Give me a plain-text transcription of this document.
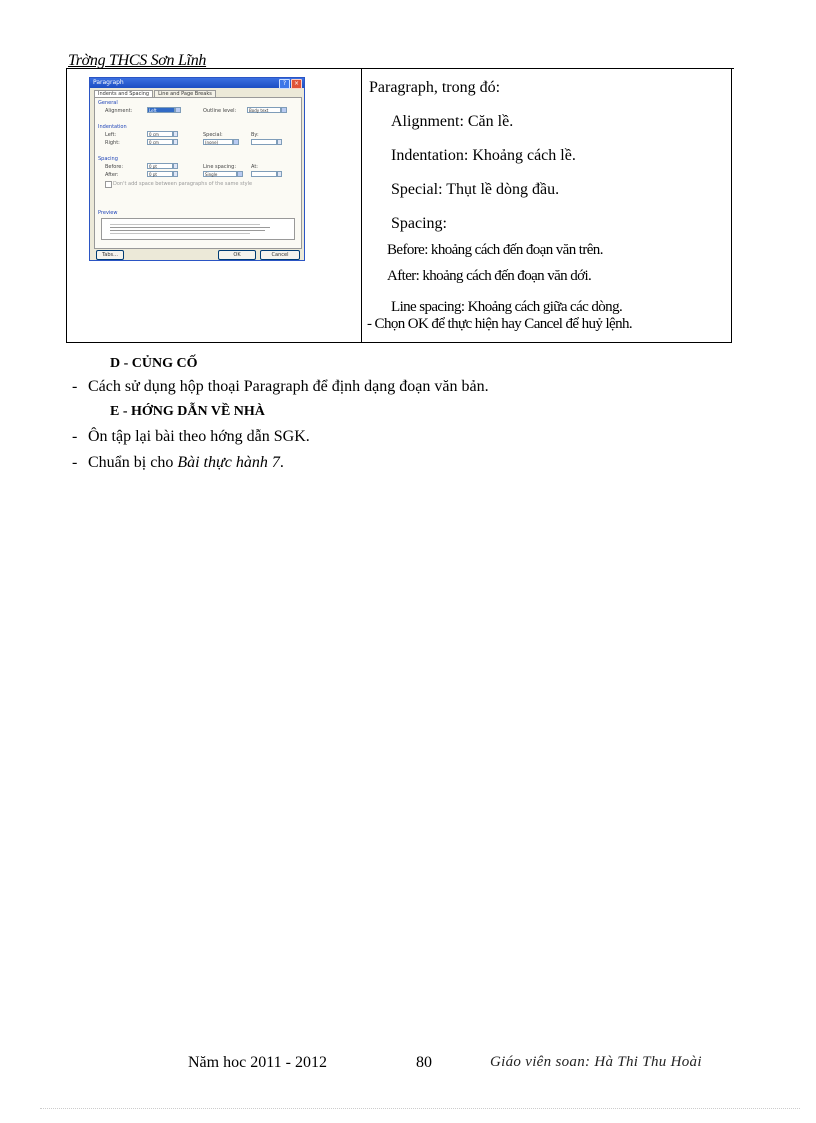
Trờng THCS Sơn Lĩnh
Paragraph	?	×
Indents and Spacing	Line and Page Breaks
General
Alignment:	Left	Outline level:	Body text
Indentation
Left:	0 cm
Right:	0 cm
Special:
(none)
By:
Spacing
Before:	0 pt
After:	0 pt
Line spacing:
Single
At:
Don't add space between paragraphs of the same style
Preview
Tabs...	OK	Cancel
Paragraph, trong đó:
Alignment: Căn lề.
Indentation: Khoảng cách lề.
Special: Thụt lề dòng đầu.
Spacing:
Before: khoảng cách đến đoạn văn trên.
After: khoảng cách đến đoạn văn dới.
Line spacing: Khoảng cách giữa các dòng.
- Chọn OK để thực hiện hay Cancel để huỷ lệnh.
D - CỦNG CỐ
- Cách sử dụng hộp thoại Paragraph để định dạng đoạn văn bản.
E - HỚNG DẪN VỀ NHÀ
- Ôn tập lại bài theo hớng dẫn SGK.
- Chuẩn bị cho Bài thực hành 7.
Năm hoc 2011 - 2012	80	Giáo viên soan: Hà Thi Thu Hoài
